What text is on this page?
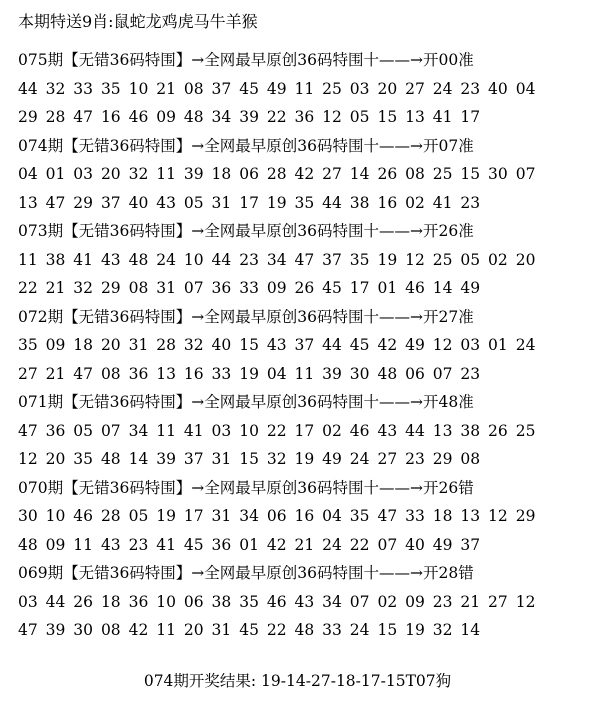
本期特送9肖:鼠蛇龙鸡虎马牛羊猴
075期【无错36码特围】→全网最早原创36码特围十——→开00准
44 32 33 35 10 21 08 37 45 49 11 25 03 20 27 24 23 40 04
29 28 47 16 46 09 48 34 39 22 36 12 05 15 13 41 17
074期【无错36码特围】→全网最早原创36码特围十——→开07准
04 01 03 20 32 11 39 18 06 28 42 27 14 26 08 25 15 30 07
13 47 29 37 40 43 05 31 17 19 35 44 38 16 02 41 23
073期【无错36码特围】→全网最早原创36码特围十——→开26准
11 38 41 43 48 24 10 44 23 34 47 37 35 19 12 25 05 02 20
22 21 32 29 08 31 07 36 33 09 26 45 17 01 46 14 49
072期【无错36码特围】→全网最早原创36码特围十——→开27准
35 09 18 20 31 28 32 40 15 43 37 44 45 42 49 12 03 01 24
27 21 47 08 36 13 16 33 19 04 11 39 30 48 06 07 23
071期【无错36码特围】→全网最早原创36码特围十——→开48准
47 36 05 07 34 11 41 03 10 22 17 02 46 43 44 13 38 26 25
12 20 35 48 14 39 37 31 15 32 19 49 24 27 23 29 08
070期【无错36码特围】→全网最早原创36码特围十——→开26错
30 10 46 28 05 19 17 31 34 06 16 04 35 47 33 18 13 12 29
48 09 11 43 23 41 45 36 01 42 21 24 22 07 40 49 37
069期【无错36码特围】→全网最早原创36码特围十——→开28错
03 44 26 18 36 10 06 38 35 46 43 34 07 02 09 23 21 27 12
47 39 30 08 42 11 20 31 45 22 48 33 24 15 19 32 14
074期开奖结果: 19-14-27-18-17-15T07狗
